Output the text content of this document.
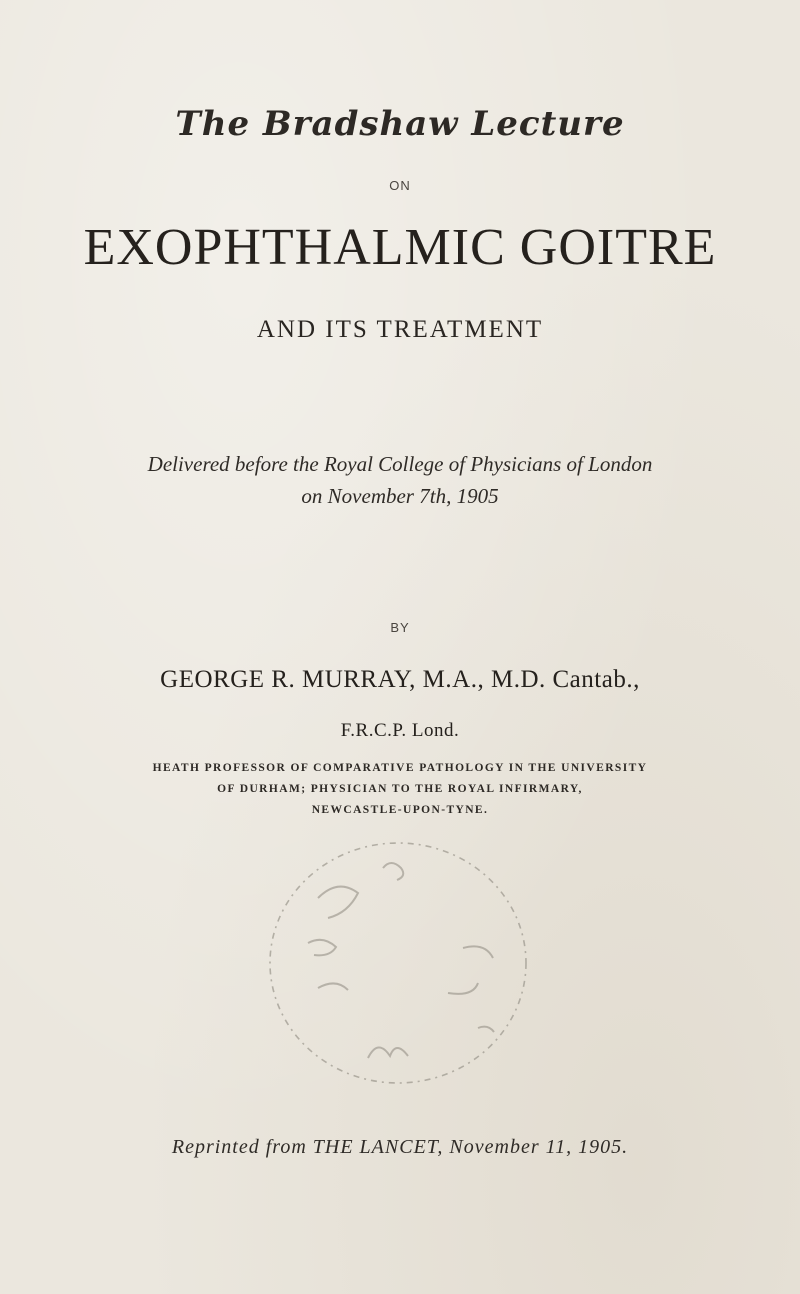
The Bradshaw Lecture
ON
EXOPHTHALMIC GOITRE
AND ITS TREATMENT
Delivered before the Royal College of Physicians of London
on November 7th, 1905
BY
GEORGE R. MURRAY, M.A., M.D. Cantab.,
F.R.C.P. Lond.
HEATH PROFESSOR OF COMPARATIVE PATHOLOGY IN THE UNIVERSITY
OF DURHAM; PHYSICIAN TO THE ROYAL INFIRMARY,
NEWCASTLE-UPON-TYNE.
Reprinted from THE LANCET, November 11, 1905.
